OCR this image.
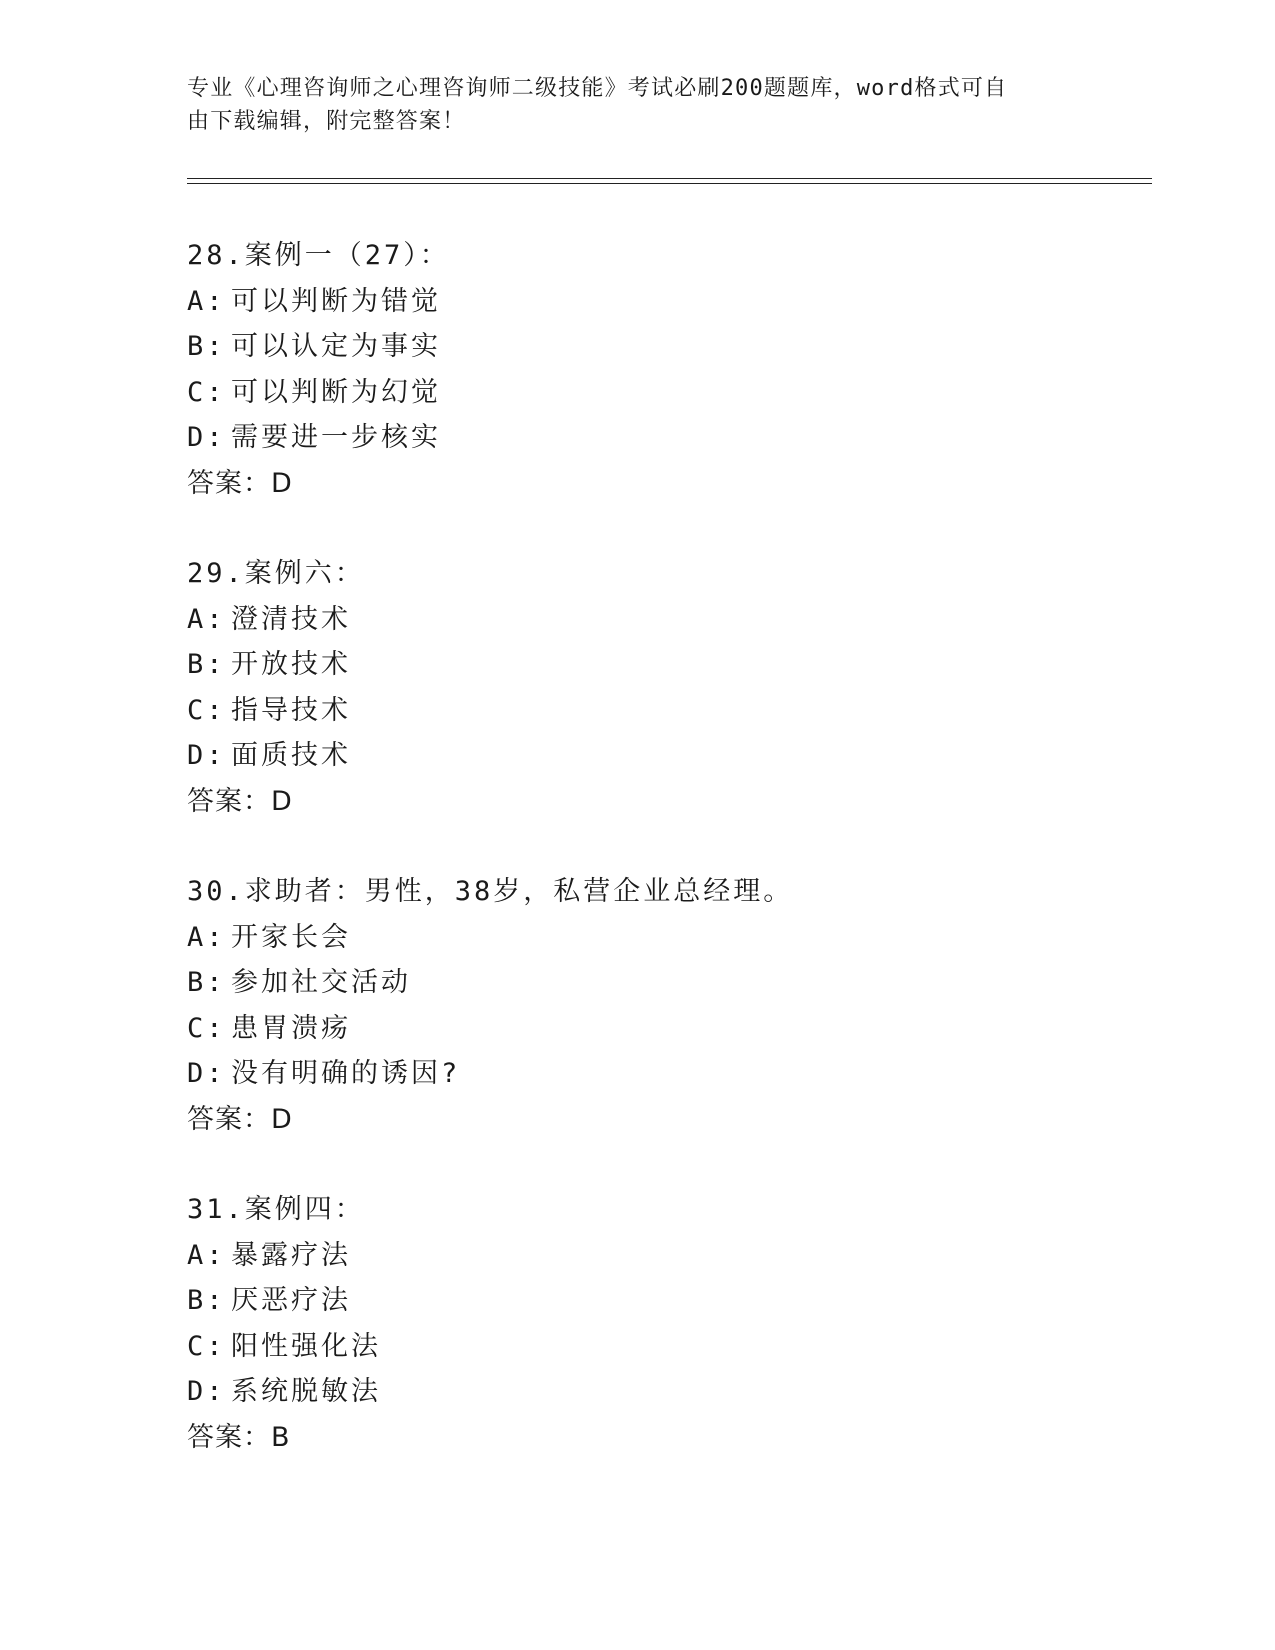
专业《心理咨询师之心理咨询师二级技能》考试必刷200题题库，word格式可自
由下载编辑，附完整答案！
28.案例一（27）：
A: 可以判断为错觉
B: 可以认定为事实
C: 可以判断为幻觉
D: 需要进一步核实
答案：D
29.案例六：
A: 澄清技术
B: 开放技术
C: 指导技术
D: 面质技术
答案：D
30.求助者：男性，38岁，私营企业总经理。
A: 开家长会
B: 参加社交活动
C: 患胃溃疡
D: 没有明确的诱因?
答案：D
31.案例四：
A: 暴露疗法
B: 厌恶疗法
C: 阳性强化法
D: 系统脱敏法
答案：B
